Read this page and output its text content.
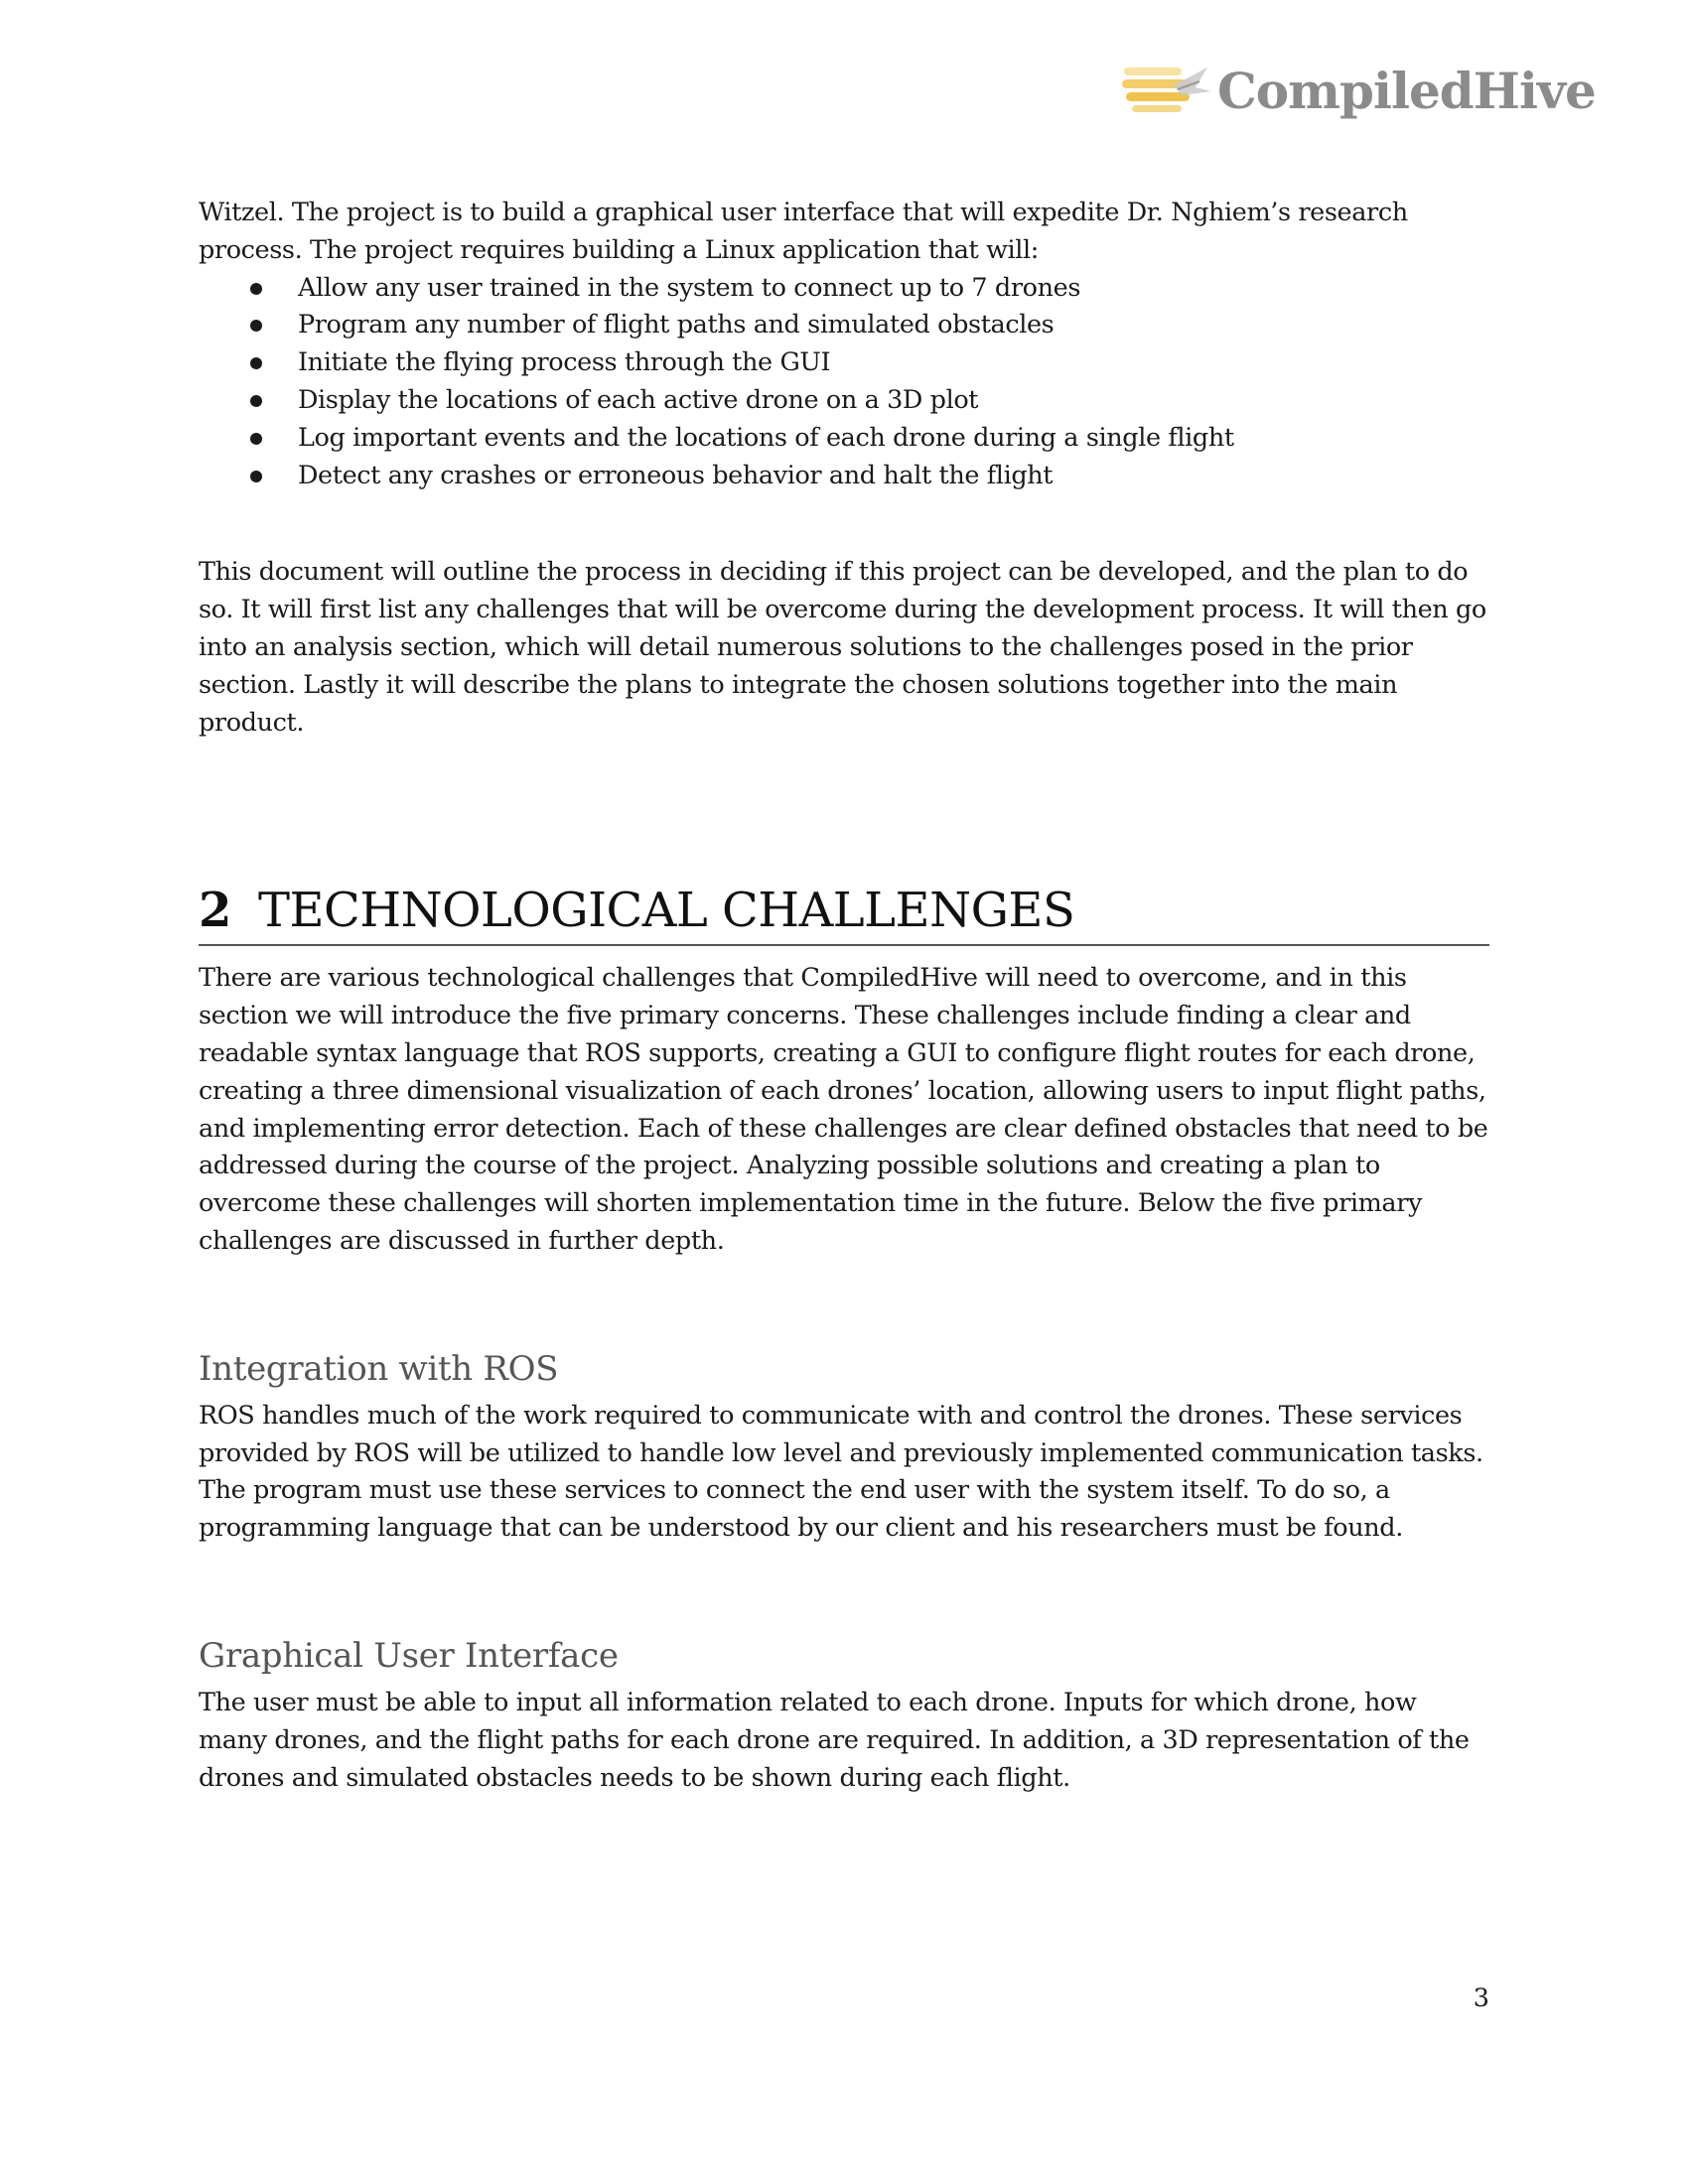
CompiledHive

Witzel. The project is to build a graphical user interface that will expedite Dr. Nghiem’s research process. The project requires building a Linux application that will:

Allow any user trained in the system to connect up to 7 drones
Program any number of flight paths and simulated obstacles
Initiate the flying process through the GUI
Display the locations of each active drone on a 3D plot
Log important events and the locations of each drone during a single flight
Detect any crashes or erroneous behavior and halt the flight

This document will outline the process in deciding if this project can be developed, and the plan to do so. It will first list any challenges that will be overcome during the development process. It will then go into an analysis section, which will detail numerous solutions to the challenges posed in the prior section. Lastly it will describe the plans to integrate the chosen solutions together into the main product.

2 TECHNOLOGICAL CHALLENGES

There are various technological challenges that CompiledHive will need to overcome, and in this section we will introduce the five primary concerns. These challenges include finding a clear and readable syntax language that ROS supports, creating a GUI to configure flight routes for each drone, creating a three dimensional visualization of each drones’ location, allowing users to input flight paths, and implementing error detection. Each of these challenges are clear defined obstacles that need to be addressed during the course of the project. Analyzing possible solutions and creating a plan to overcome these challenges will shorten implementation time in the future. Below the five primary challenges are discussed in further depth.

Integration with ROS

ROS handles much of the work required to communicate with and control the drones. These services provided by ROS will be utilized to handle low level and previously implemented communication tasks. The program must use these services to connect the end user with the system itself. To do so, a programming language that can be understood by our client and his researchers must be found.

Graphical User Interface

The user must be able to input all information related to each drone. Inputs for which drone, how many drones, and the flight paths for each drone are required. In addition, a 3D representation of the drones and simulated obstacles needs to be shown during each flight.

3
